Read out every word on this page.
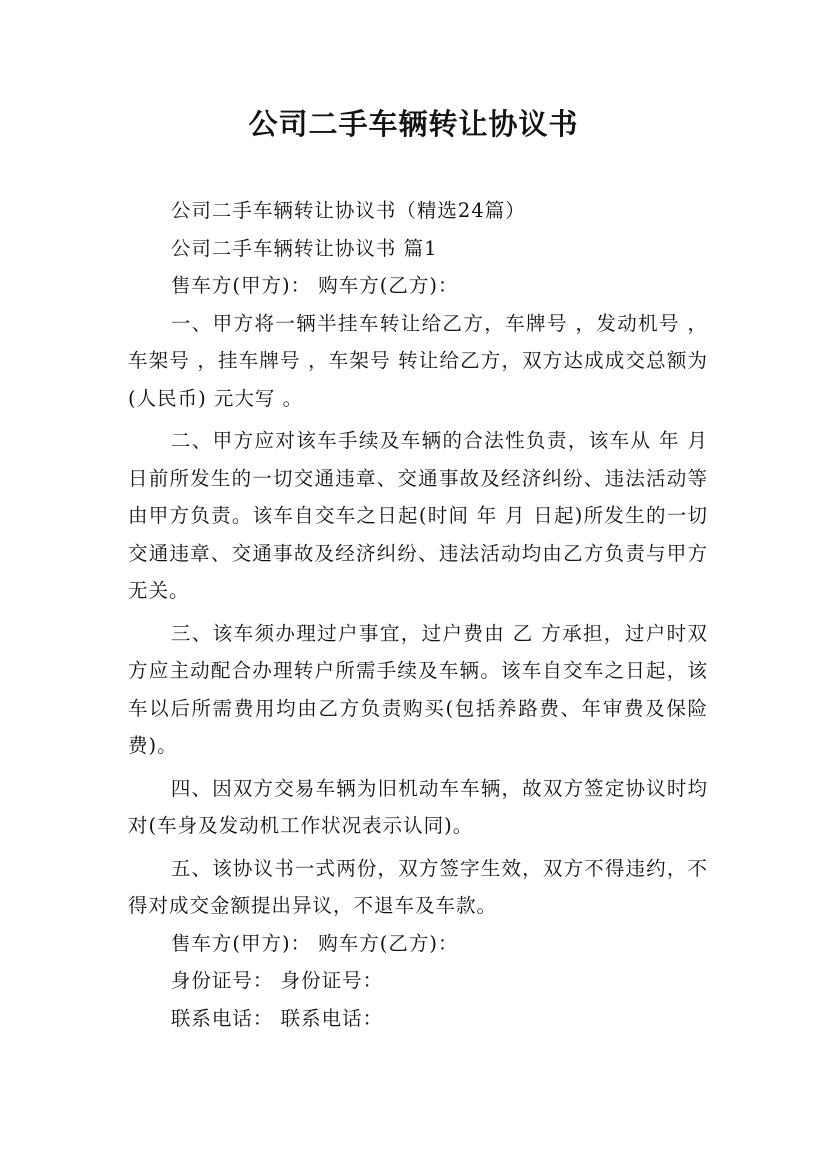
公司二手车辆转让协议书

公司二手车辆转让协议书（精选24篇）

公司二手车辆转让协议书 篇1

售车方(甲方)： 购车方(乙方)：

一、甲方将一辆半挂车转让给乙方，车牌号 ，发动机号 ，车架号 ，挂车牌号 ，车架号 转让给乙方，双方达成成交总额为(人民币) 元大写 。

二、甲方应对该车手续及车辆的合法性负责，该车从 年 月 日前所发生的一切交通违章、交通事故及经济纠纷、违法活动等由甲方负责。该车自交车之日起(时间 年 月 日起)所发生的一切交通违章、交通事故及经济纠纷、违法活动均由乙方负责与甲方无关。

三、该车须办理过户事宜，过户费由 乙 方承担，过户时双方应主动配合办理转户所需手续及车辆。该车自交车之日起，该车以后所需费用均由乙方负责购买(包括养路费、年审费及保险费)。

四、因双方交易车辆为旧机动车车辆，故双方签定协议时均对(车身及发动机工作状况表示认同)。

五、该协议书一式两份，双方签字生效，双方不得违约，不得对成交金额提出异议，不退车及车款。

售车方(甲方)： 购车方(乙方)：

身份证号： 身份证号：

联系电话： 联系电话：
